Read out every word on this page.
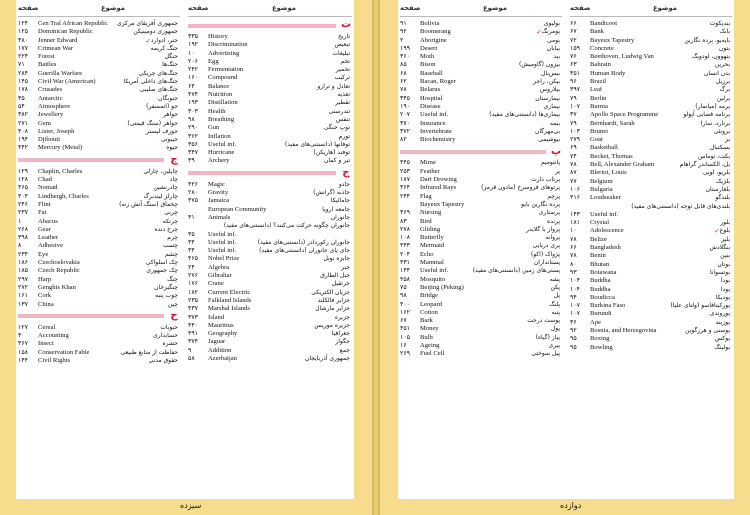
صفحه	موضوع
۱۲۴	Cen Tral African Republic	جمهوری آفریقای مرکزی
۱۲۵	Dominican Republic	جمهوری دومینیکن
۳۸۰	Jenner Edward	✓ جنر، ادوارد
۱۷۷	Crimean War	جنگ کریمه
۲۲۴	Forest	جنگل
۷۱	Battles	جنگ‌ها
۲۸۴	Guerilla Warfare	جنگ‌های چریکی
۱۴۵	Civil War (American)	جنگ‌های داخلی آمریکا
۱۷۸	Crusades	جنگ‌های صلیبی
۳۵	Antarctic	جنوبگان
۵۴	Atmosphere	جو (اتمسفر)
۳۸۲	Jewellery	جواهر
۲۷۱	Gem	جواهر (سنگ قیمتی)
۴۰۸	Lister, Joseph	جوزف لیستر
۱۹۴	Djibouti	جیبوتی
۴۴۲	Mercury (Metal)	جیوه
چ
۱۲۹	Chaplin, Charles	چاپلین، چارلی
۱۲۸	Chad	چاد
۴۶۵	Nomad	چادرنشین
۴۰۴	Lindbergh, Charles	چارلز لیندبرگ
۲۴۶	Flint	چخماق (سنگ آتش زنه)
۲۳۷	Fat	چربی
۱	Abacus	چرتکه
۲۶۸	Gear	چرخ دنده
۳۹۸	Leather	چرم
۸	Adhesive	چسب
۲۳۴	Eye	چشم
۱۸۶	Czechoslovakia	چک اسلواکی
۱۸۵	Czech Republic	چک جمهوری
۲۹۷	Harp	چنگ
۲۷۲	Genghis Khan	چنگیزخان
۱۶۱	Cork	چوب پنبه
۱۳۷	China	چین
ح
۱۲۷	Cereal	حبوبات
۴	Accounting	حسابداری
۳۶۷	Insect	حشره
۱۵۸	Conservation Fable	حفاظت از منابع طبیعی
۱۴۴	Civil Rights	حقوق مدنی
صفحه	موضوع
ت
۳۳۵	History	تاریخ
۱۹۲	Discrimination	تبعیض
۱۰	Advertising	تبلیغات
۲۰۶	Egg	تخم
۲۴۲	Fermentation	تخمیر
۱۶۰	Compound	ترکیب
۶۴	Balance	تعادل و ترازو
۴۷۴	Nutrition	تغذیه
۱۹۳	Distillation	تقطیر
۳۰۳	Health	تندرستی
۹۸	Breathing	تنفس
۲۹۰	Gun	توپ جنگی
۳۶۲	Inflation	تورم
۳۵۶	Useful inf.	توفانها (دانستنی‌های مفید)
۳۴۷	Hurricane	توفند (هاریکن)
۳۹	Archery	تیر و کمان
ج
۴۲۶	Magic	جادو
۲۸۰	Gravity	جاذبه (گرانش)
۳۷۵	Jamaica	جامائیکا
European Community	جامعه اروپا
۳۱	Animals	جانوران
جانوران چگونه حرکت می‌کنند؟ (دانستنی‌های مفید)
۳۵	Useful inf.
۳۴	Useful inf.	جانوران رکوردادر (دانستنی‌های مفید)
۳۴	Useful inf.	جای پای جانوران (دانستنی‌های مفید)
۴۶۵	Nobel Prize	جایزه نوبل
۲۴	Algebra	جبر
۲۷۶	Gibraltar	جبل الطارق
۱۷۶	Crane	جرثقیل
۱۸۲	Current Electric	جریان الکتریکی
۲۳۵	Falkland Islands	جزایر فالکلند
۴۳۷	Marshal Islands	جزایر مارشال
۳۷۳	Island	جزیره
۴۴۰	Mauritius	جزیره موریس
۴۹۱	Geography	جغرافیا
۳۷۴	Jaguar	جگوار
۹	Addition	جمع
۵۸	Azerbaijan	جمهوری آذربایجان
سیزده
صفحه	موضوع
۹۱	Bolivia	بولیوی
۹۲	Boomerang	✓ بومرنگ
۲	Aborigine	بومی
۱۹۹	Desert	بیابان
۴۶۰	Moth	بید
۸۵	Bison	بیزون (گاومیش)
۶۸	Baseball	بیس‌بال
۶۲	Bacan, Roger	بیکن، راجر
۷۸	Belarus	بیلاروس
۳۴۵	Hospital	بیمارستان
۱۹۰	Disease	بیماری
۲۰۷	Useful inf.	بیماری‌ها (دانستنی‌های مفید)
۳۷۰	Insurance	بیمه
۳۷۲	Invertebrate	بی‌مهرگان
۸۲	Biochemistry	بیوشیمی
پ
۴۴۵	Mime	پانتومیم
۲۵۳	Feather	پر
۱۸۷	Dart Drowing	پرتاب دارت
۳۶۴	Infrared Rays	پرتوهای فروسرخ (مادون قرمز)
۲۴۴	Flag	پرچم
Bayeux Tapestry	پرده نگارین بایو
۴۶۹	Nursing	پرستاری
۸۳	Bird	پرنده
۲۷۸	Gliding	پرواز با گلایدر
۱۰۸	Butterfly	پروانه
۴۴۳	Mermaid	پری دریایی
۲۰۴	Echo	پژواک (اکو)
۴۳۱	Mammal	پستانداران
۱۴۴	Useful inf.	پستی‌های زمین (دانستنی‌های مفید)
۴۵۸	Mosquito	پشه
۷۵	Beijing (Peking)	پکن
۹۸	Bridge	پل
۴۰۰	Leopard	پلنگ
۱۶۲	Cotton	پنبه
۶۷	Bark	پوست درخت
۴۵۱	Money	پول
۱۰۵	Bulb	پیاز (گیاه)
۱۶	Ageing	پیری
۲۶۹	Fuel Cell	پیل سوختی
صفحه	موضوع
۶۶	Bandicoot	بندیکوت
۶۷	Bank	بانک
۷۲	Bayeux Tapestry	بایه‌یو، پرده نگارین
۱۵۹	Concrete	بتون
۷۶	Beethoven, Ludwig Van	بتهوون، لودویگ
۶۳	Bahrain	بحرین
۳۵۱	Human Body	بدن انسان
۹۶	Brazil	برزیل
۳۹۷	Leaf	برگ
۷۹	Berlin	برلین
۱۰۷	Burma	برمه (میانمار)
۳۷	Apollo Space Programme	برنامه فضایی آپولو
۷۹	Bernhardt, Sarah	برنارد، سارا
۱۰۳	Brunei	برونئی
۲۷۹	Goat	بز
۶۹	Basketball	بسکتبال
۷۴	Becket, Thomas	بکت، توماس
۷۸	Bell, Alexander Graham	بل، الکساندر گراهام
۸۷	Bleriot, Louis	بلریو، لویی
۷۷	Belgium	بلژیک
۱۰۶	Bulgaria	بلغارستان
۴۱۶	Loudseaker	بلندگو
بلندی‌های قابل توجه (دانستنی‌های مفید)
۱۴۳	Useful inf.
۱۸۱	Crystal	بلور
۱۰	Adolescence	✓ بلوغ
۷۸	Belize	بلیز
۶۶	Bangladesh	بنگلادش
۷۸	Benin	بنین
۸۰	Bhutan	بوتان
۹۳	Botawana	بوتسوانا
۱۰۴	Buddha	بودا
۱۰۴	Buddha	بودا
۹۴	Boudicca	بودیکا
۱۰۷	Burkina Faso	بورکینافاسو (ولتای علیا)
۱۰۷	Burundi	بوروندی
۳۶	Ape	بوزینه
۹۲	Bosnia, and Herzegovina	بوسنی و هرزگوین
۹۵	Boxing	بوکس
۹۵	Bowling	بولینگ
دوازده
